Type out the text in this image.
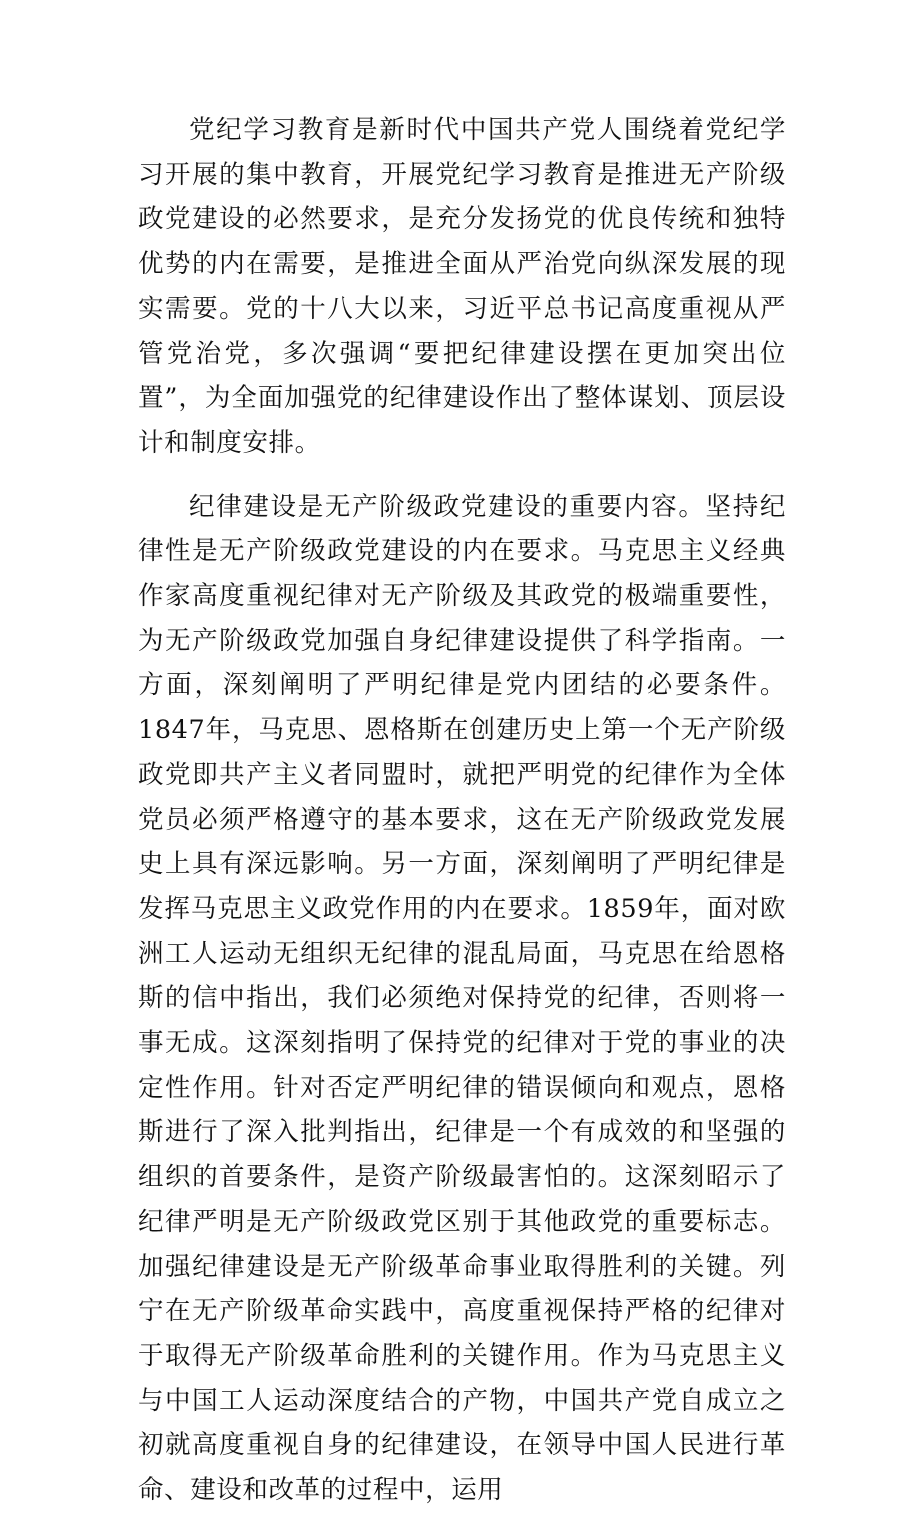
党纪学习教育是新时代中国共产党人围绕着党纪学习开展的集中教育，开展党纪学习教育是推进无产阶级政党建设的必然要求，是充分发扬党的优良传统和独特优势的内在需要，是推进全面从严治党向纵深发展的现实需要。党的十八大以来，习近平总书记高度重视从严管党治党，多次强调“要把纪律建设摆在更加突出位置”，为全面加强党的纪律建设作出了整体谋划、顶层设计和制度安排。

纪律建设是无产阶级政党建设的重要内容。坚持纪律性是无产阶级政党建设的内在要求。马克思主义经典作家高度重视纪律对无产阶级及其政党的极端重要性，为无产阶级政党加强自身纪律建设提供了科学指南。一方面，深刻阐明了严明纪律是党内团结的必要条件。1847年，马克思、恩格斯在创建历史上第一个无产阶级政党即共产主义者同盟时，就把严明党的纪律作为全体党员必须严格遵守的基本要求，这在无产阶级政党发展史上具有深远影响。另一方面，深刻阐明了严明纪律是发挥马克思主义政党作用的内在要求。1859年，面对欧洲工人运动无组织无纪律的混乱局面，马克思在给恩格斯的信中指出，我们必须绝对保持党的纪律，否则将一事无成。这深刻指明了保持党的纪律对于党的事业的决定性作用。针对否定严明纪律的错误倾向和观点，恩格斯进行了深入批判指出，纪律是一个有成效的和坚强的组织的首要条件，是资产阶级最害怕的。这深刻昭示了纪律严明是无产阶级政党区别于其他政党的重要标志。加强纪律建设是无产阶级革命事业取得胜利的关键。列宁在无产阶级革命实践中，高度重视保持严格的纪律对于取得无产阶级革命胜利的关键作用。作为马克思主义与中国工人运动深度结合的产物，中国共产党自成立之初就高度重视自身的纪律建设，在领导中国人民进行革命、建设和改革的过程中，运用
